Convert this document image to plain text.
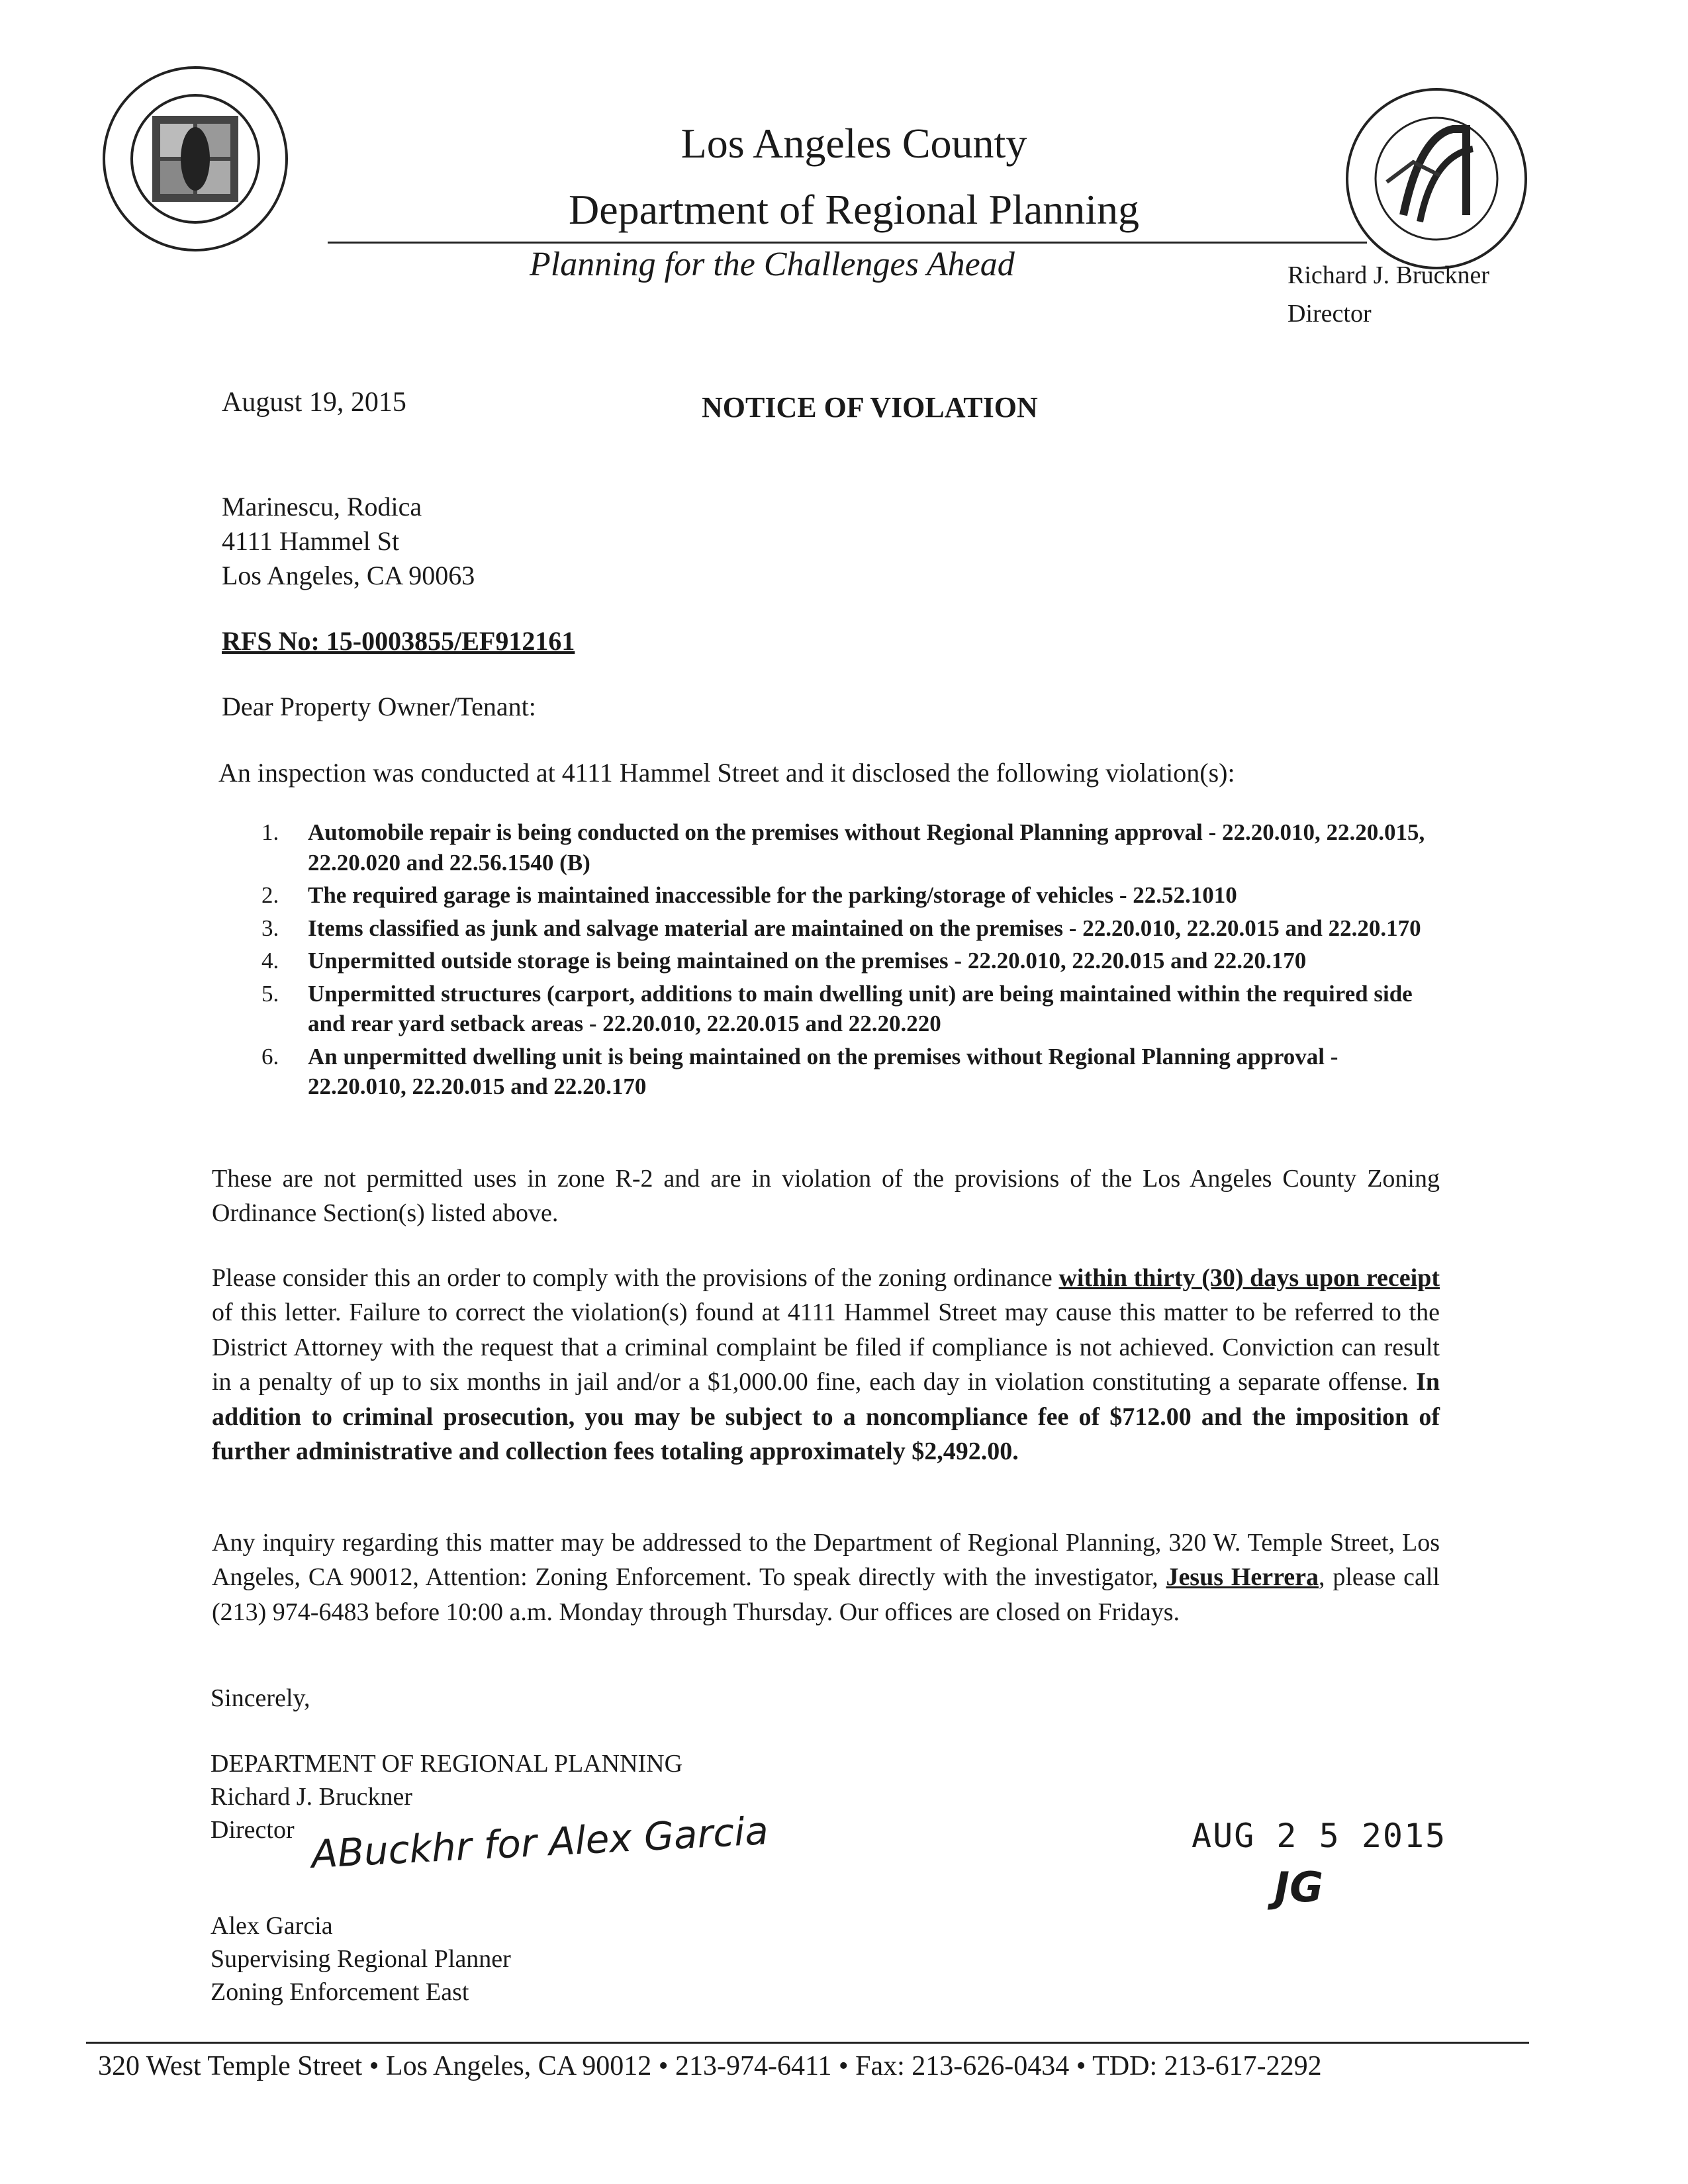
Los Angeles County
Department of Regional Planning
Planning for the Challenges Ahead	Richard J. Bruckner
Director
August 19, 2015	NOTICE OF VIOLATION
Marinescu, Rodica
4111 Hammel St
Los Angeles, CA 90063
RFS No: 15-0003855/EF912161
Dear Property Owner/Tenant:
An inspection was conducted at 4111 Hammel Street and it disclosed the following violation(s):
1. Automobile repair is being conducted on the premises without Regional Planning approval - 22.20.010, 22.20.015, 22.20.020 and 22.56.1540 (B)
2. The required garage is maintained inaccessible for the parking/storage of vehicles - 22.52.1010
3. Items classified as junk and salvage material are maintained on the premises - 22.20.010, 22.20.015 and 22.20.170
4. Unpermitted outside storage is being maintained on the premises - 22.20.010, 22.20.015 and 22.20.170
5. Unpermitted structures (carport, additions to main dwelling unit) are being maintained within the required side and rear yard setback areas - 22.20.010, 22.20.015 and 22.20.220
6. An unpermitted dwelling unit is being maintained on the premises without Regional Planning approval - 22.20.010, 22.20.015 and 22.20.170
These are not permitted uses in zone R-2 and are in violation of the provisions of the Los Angeles County Zoning Ordinance Section(s) listed above.
Please consider this an order to comply with the provisions of the zoning ordinance within thirty (30) days upon receipt of this letter. Failure to correct the violation(s) found at 4111 Hammel Street may cause this matter to be referred to the District Attorney with the request that a criminal complaint be filed if compliance is not achieved. Conviction can result in a penalty of up to six months in jail and/or a $1,000.00 fine, each day in violation constituting a separate offense. In addition to criminal prosecution, you may be subject to a noncompliance fee of $712.00 and the imposition of further administrative and collection fees totaling approximately $2,492.00.
Any inquiry regarding this matter may be addressed to the Department of Regional Planning, 320 W. Temple Street, Los Angeles, CA 90012, Attention: Zoning Enforcement. To speak directly with the investigator, Jesus Herrera, please call (213) 974-6483 before 10:00 a.m. Monday through Thursday. Our offices are closed on Fridays.
Sincerely,
DEPARTMENT OF REGIONAL PLANNING
Richard J. Bruckner
Director ABuckhr for Alex Garcia
Alex Garcia
Supervising Regional Planner
Zoning Enforcement East
AUG 2 5 2015
JG
320 West Temple Street • Los Angeles, CA 90012 • 213-974-6411 • Fax: 213-626-0434 • TDD: 213-617-2292
